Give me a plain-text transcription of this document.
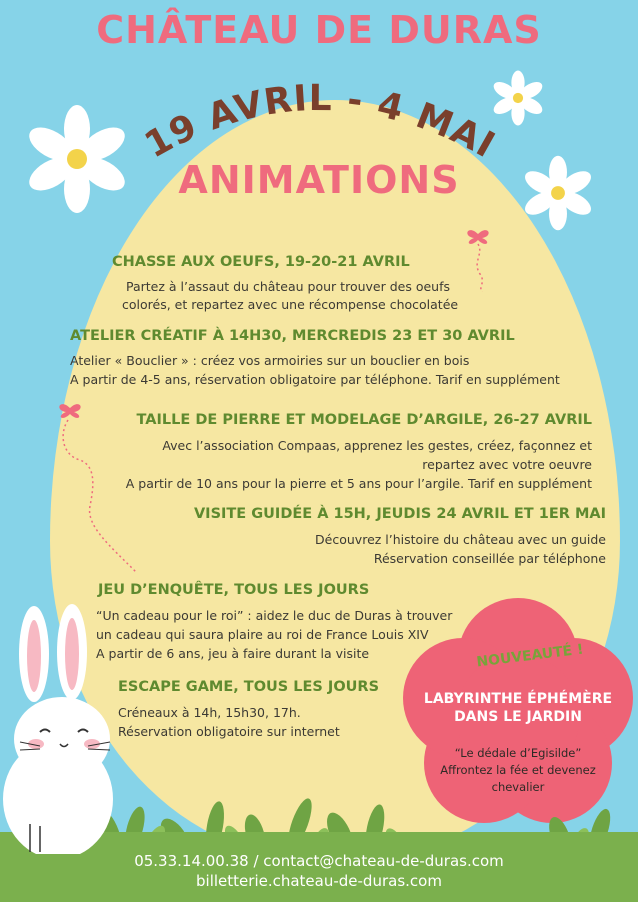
CHÂTEAU DE DURAS
19 AVRIL - 4 MAI
ANIMATIONS
CHASSE AUX OEUFS, 19-20-21 AVRIL
Partez à l’assaut du château pour trouver des oeufs
colorés, et repartez avec une récompense chocolatée
ATELIER CRÉATIF À 14H30, MERCREDIS 23 ET 30 AVRIL
Atelier « Bouclier » : créez vos armoiries sur un bouclier en bois
A partir de 4-5 ans, réservation obligatoire par téléphone. Tarif en supplément
TAILLE DE PIERRE ET MODELAGE D’ARGILE, 26-27 AVRIL
Avec l’association Compaas, apprenez les gestes, créez, façonnez et
repartez avec votre oeuvre
A partir de 10 ans pour la pierre et 5 ans pour l’argile. Tarif en supplément
VISITE GUIDÉE À 15H, JEUDIS 24 AVRIL ET 1ER MAI
Découvrez l’histoire du château avec un guide
Réservation conseillée par téléphone
JEU D’ENQUÊTE, TOUS LES JOURS
“Un cadeau pour le roi” : aidez le duc de Duras à trouver
un cadeau qui saura plaire au roi de France Louis XIV
A partir de 6 ans, jeu à faire durant la visite
ESCAPE GAME, TOUS LES JOURS
Créneaux à 14h, 15h30, 17h.
Réservation obligatoire sur internet
NOUVEAUTÉ !
LABYRINTHE ÉPHÉMÈRE
DANS LE JARDIN
“Le dédale d’Egisilde”
Affrontez la fée et devenez
chevalier
05.33.14.00.38 / contact@chateau-de-duras.com
billetterie.chateau-de-duras.com
